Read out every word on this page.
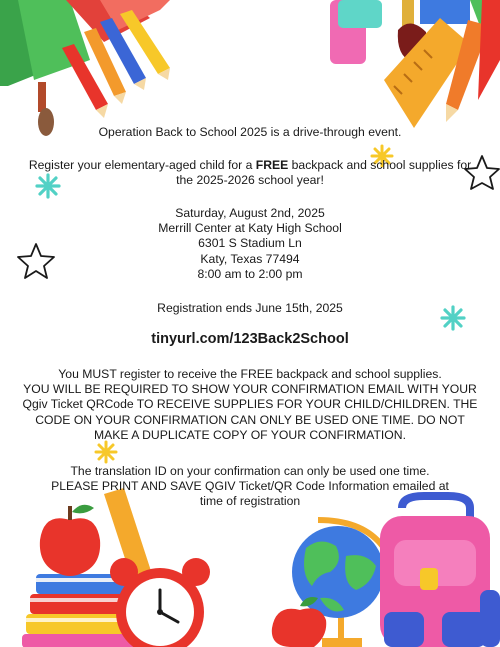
Operation Back to School 2025 is a drive-through event.
Register your elementary-aged child for a FREE backpack and school supplies for
the 2025-2026 school year!
Saturday, August 2nd, 2025
Merrill Center at Katy High School
6301 S Stadium Ln
Katy, Texas 77494
8:00 am to 2:00 pm
Registration ends June 15th, 2025
tinyurl.com/123Back2School
You MUST register to receive the FREE backpack and school supplies.
YOU WILL BE REQUIRED TO SHOW YOUR CONFIRMATION EMAIL WITH YOUR Qgiv Ticket QRCode TO RECEIVE SUPPLIES FOR YOUR CHILD/CHILDREN. THE CODE ON YOUR CONFIRMATION CAN ONLY BE USED ONE TIME. DO NOT MAKE A DUPLICATE COPY OF YOUR CONFIRMATION.
The translation ID on your confirmation can only be used one time.
PLEASE PRINT AND SAVE QGIV Ticket/QR Code Information emailed at time of registration
